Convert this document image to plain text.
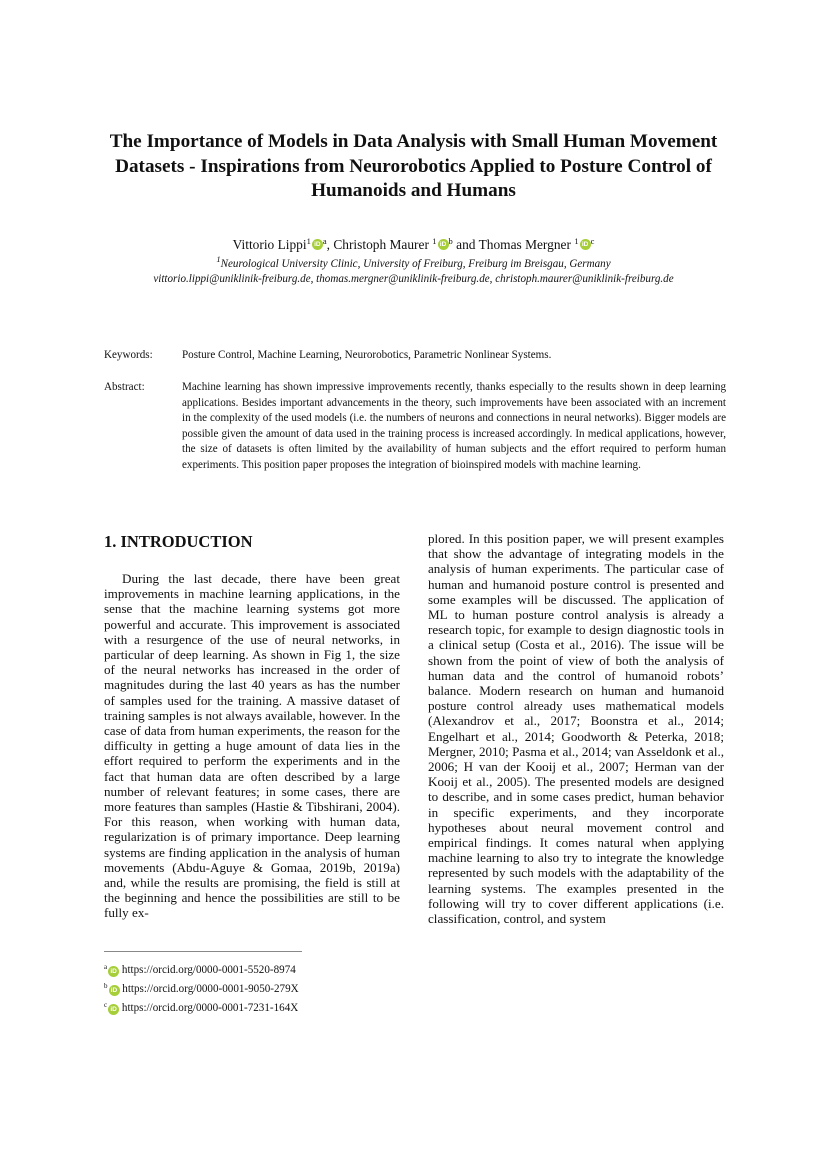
The Importance of Models in Data Analysis with Small Human Movement Datasets - Inspirations from Neurorobotics Applied to Posture Control of Humanoids and Humans
Vittorio Lippi$^1$ iD $^a$, Christoph Maurer $^1$ iD $^b$ and Thomas Mergner $^1$ iD $^c$
$^1$Neurological University Clinic, University of Freiburg, Freiburg im Breisgau, Germany
vittorio.lippi@uniklinik-freiburg.de, thomas.mergner@uniklinik-freiburg.de, christoph.maurer@uniklinik-freiburg.de
Keywords:	Posture Control, Machine Learning, Neurorobotics, Parametric Nonlinear Systems.
Abstract:	Machine learning has shown impressive improvements recently, thanks especially to the results shown in deep learning applications. Besides important advancements in the theory, such improvements have been associated with an increment in the complexity of the used models (i.e. the numbers of neurons and connections in neural networks). Bigger models are possible given the amount of data used in the training process is increased accordingly. In medical applications, however, the size of datasets is often limited by the availability of human subjects and the effort required to perform human experiments. This position paper proposes the integration of bioinspired models with machine learning.
1. INTRODUCTION

During the last decade, there have been great improvements in machine learning applications, in the sense that the machine learning systems got more powerful and accurate. This improvement is associated with a resurgence of the use of neural networks, in particular of deep learning. As shown in Fig 1, the size of the neural networks has increased in the order of magnitudes during the last 40 years as has the number of samples used for the training. A massive dataset of training samples is not always available, however. In the case of data from human experiments, the reason for the difficulty in getting a huge amount of data lies in the effort required to perform the experiments and in the fact that human data are often described by a large number of relevant features; in some cases, there are more features than samples (Hastie & Tibshirani, 2004). For this reason, when working with human data, regularization is of primary importance. Deep learning systems are finding application in the analysis of human movements (Abdu-Aguye & Gomaa, 2019b, 2019a) and, while the results are promising, the field is still at the beginning and hence the possibilities are still to be fully ex-

plored. In this position paper, we will present examples that show the advantage of integrating models in the analysis of human experiments. The particular case of human and humanoid posture control is presented and some examples will be discussed. The application of ML to human posture control analysis is already a research topic, for example to design diagnostic tools in a clinical setup (Costa et al., 2016). The issue will be shown from the point of view of both the analysis of human data and the control of humanoid robots’ balance. Modern research on human and humanoid posture control already uses mathematical models (Alexandrov et al., 2017; Boonstra et al., 2014; Engelhart et al., 2014; Goodworth & Peterka, 2018; Mergner, 2010; Pasma et al., 2014; van Asseldonk et al., 2006; H van der Kooij et al., 2007; Herman van der Kooij et al., 2005). The presented models are designed to describe, and in some cases predict, human behavior in specific experiments, and they incorporate hypotheses about neural movement control and empirical findings. It comes natural when applying machine learning to also try to integrate the knowledge represented by such models with the adaptability of the learning systems. The examples presented in the following will try to cover different applications (i.e. classification, control, and system

$^a$iD https://orcid.org/0000-0001-5520-8974
$^b$iD https://orcid.org/0000-0001-9050-279X
$^c$iD https://orcid.org/0000-0001-7231-164X
